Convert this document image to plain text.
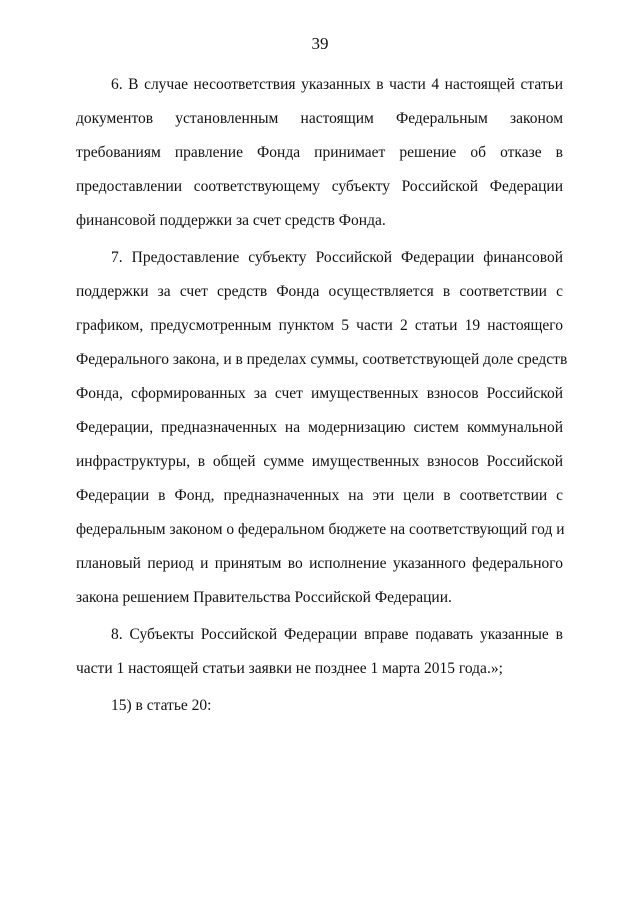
39

6. В случае несоответствия указанных в части 4 настоящей статьи
документов установленным настоящим Федеральным законом
требованиям правление Фонда принимает решение об отказе в
предоставлении соответствующему субъекту Российской Федерации
финансовой поддержки за счет средств Фонда.

7. Предоставление субъекту Российской Федерации финансовой
поддержки за счет средств Фонда осуществляется в соответствии с
графиком, предусмотренным пунктом 5 части 2 статьи 19 настоящего
Федерального закона, и в пределах суммы, соответствующей доле средств
Фонда, сформированных за счет имущественных взносов Российской
Федерации, предназначенных на модернизацию систем коммунальной
инфраструктуры, в общей сумме имущественных взносов Российской
Федерации в Фонд, предназначенных на эти цели в соответствии с
федеральным законом о федеральном бюджете на соответствующий год и
плановый период и принятым во исполнение указанного федерального
закона решением Правительства Российской Федерации.

8. Субъекты Российской Федерации вправе подавать указанные в
части 1 настоящей статьи заявки не позднее 1 марта 2015 года.»;

15) в статье 20:
